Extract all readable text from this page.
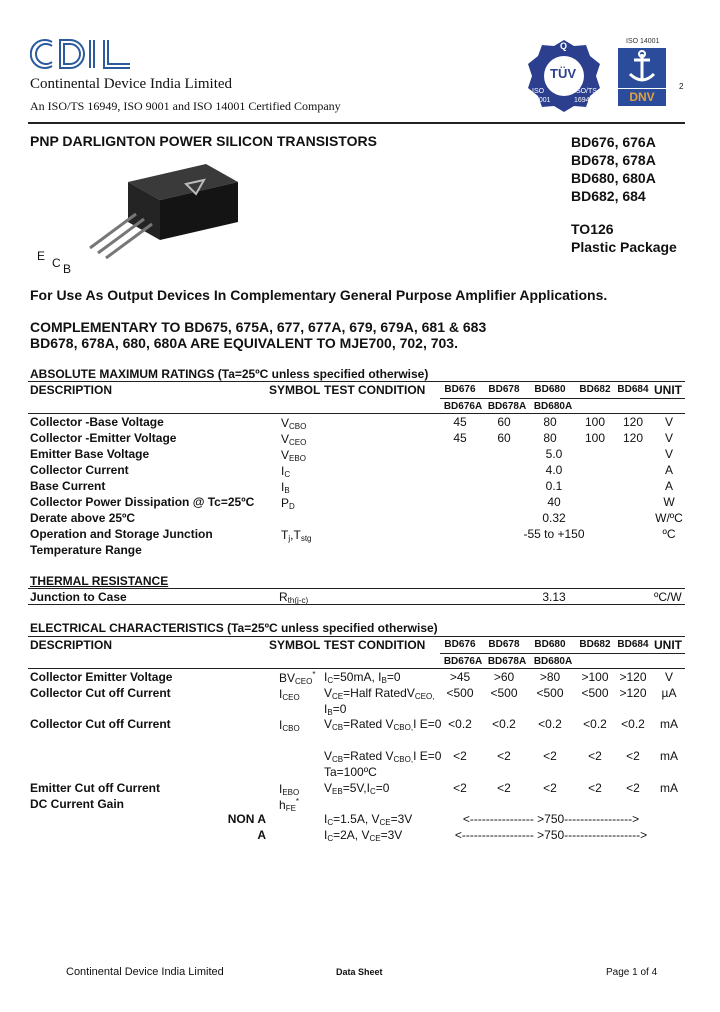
Continental Device India Limited
An ISO/TS 16949, ISO 9001 and ISO 14001 Certified Company
TÜV
Q
ISO	ISO/TS
9001	16949
ISO 14001
DNV
2
PNP DARLIGNTON POWER SILICON TRANSISTORS	BD676, 676A
BD678, 678A
BD680, 680A
BD682, 684
TO126
Plastic Package
E C B
For Use As Output Devices In Complementary General Purpose Amplifier Applications.
COMPLEMENTARY TO BD675, 675A, 677, 677A, 679, 679A, 681 & 683
BD678, 678A, 680, 680A ARE EQUIVALENT TO MJE700, 702, 703.
ABSOLUTE MAXIMUM RATINGS (Ta=25ºC unless specified otherwise)
DESCRIPTION	SYMBOL TEST CONDITION	UNIT
BD676	BD678	BD680	BD682 BD684
BD676A BD678A BD680A
Collector -Base Voltage	$V_{CBO}$	45	60	80	100	120	V
Collector -Emitter Voltage	$V_{CEO}$	45	60	80	100	120	V
Emitter Base Voltage	$V_{EBO}$	5.0	V
Collector Current	$I_C$	4.0	A
Base Current	$I_B$	0.1	A
Collector Power Dissipation @ Tc=25ºC $P_D$	40	W
Derate above 25ºC	0.32	W/ºC
Operation and Storage Junction	$T_j,T_{stg}$	-55 to +150	ºC
Temperature Range
THERMAL RESISTANCE
Junction to Case	$R_{th(j-c)}$	3.13	ºC/W
ELECTRICAL CHARACTERISTICS (Ta=25ºC unless specified otherwise)
DESCRIPTION	SYMBOL TEST CONDITION	UNIT
BD676	BD678	BD680	BD682 BD684
BD676A BD678A BD680A
Collector Emitter Voltage	$BV_{CEO}^*$ $I_C=50mA$, $I_B=0$	>45	>60	>80	>100 >120	V
Collector Cut off Current	$I_{CEO}$ $V_{CE}=Half$ RatedV$_{CEO,}$	<500	<500	<500	<500 >120	µA
$I_B=0$
Collector Cut off Current	$I_{CBO}$ $V_{CB}=Rated$ $V_{CBO,}I$ E=0 <0.2	<0.2	<0.2	<0.2	<0.2	mA
$V_{CB}=Rated$ $V_{CBO,}I$ E=0 <2	<2	<2	<2	<2	mA
Ta=100ºC
Emitter Cut off Current	$I_{EBO}$ $V_{EB}=5V,I_C=0$	<2	<2	<2	<2	<2	mA
DC Current Gain	$h_{FE}^*$
NON A	$I_C=1.5A$, $V_{CE}=3V$	<---------------- >750----------------->
A	$I_C=2A$, $V_{CE}=3V$	<------------------ >750------------------->
Continental Device India Limited	Data Sheet	Page 1 of 4
